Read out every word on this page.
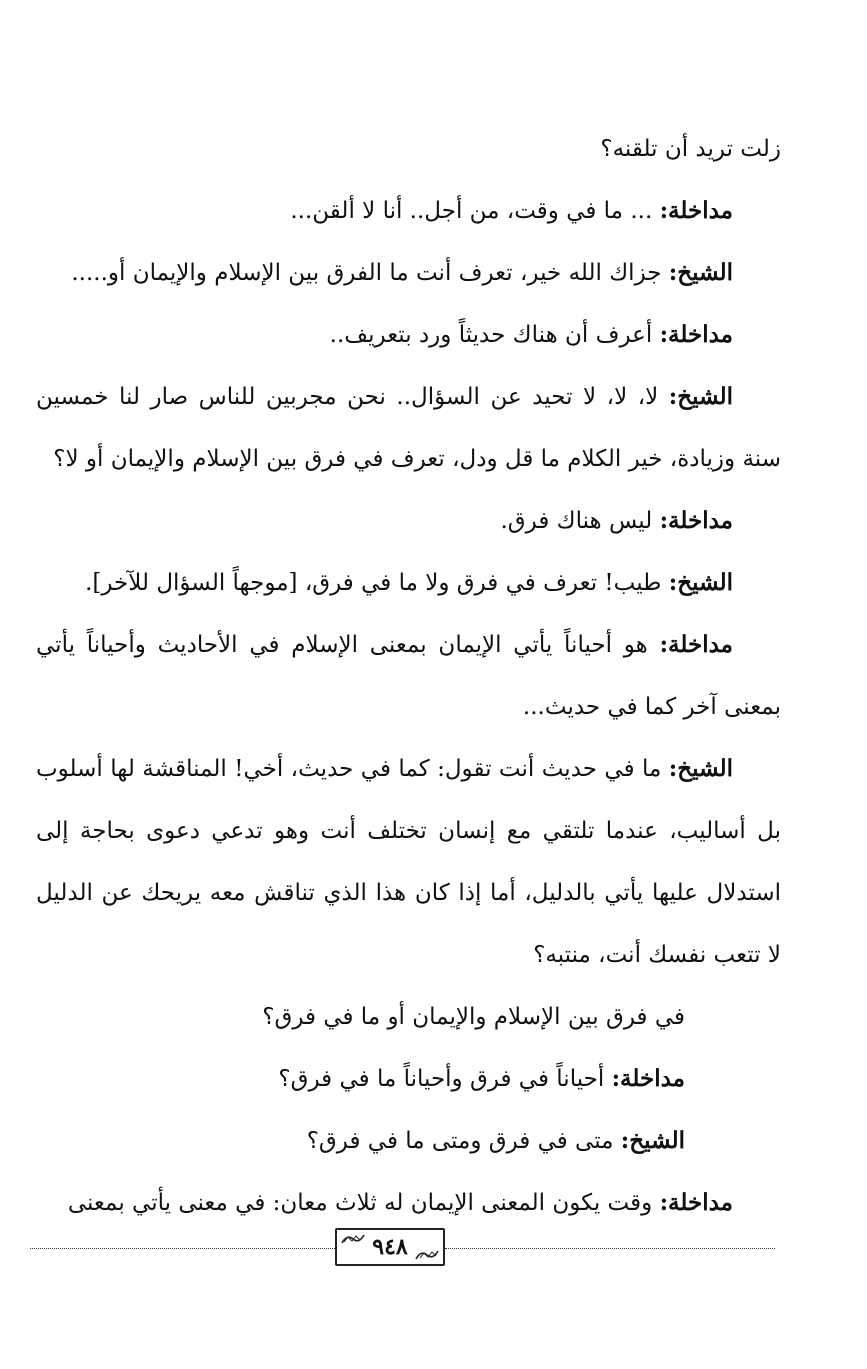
زلت تريد أن تلقنه؟

مداخلة: ... ما في وقت، من أجل.. أنا لا ألقن...

الشيخ: جزاك الله خير، تعرف أنت ما الفرق بين الإسلام والإيمان أو.....

مداخلة: أعرف أن هناك حديثاً ورد بتعريف..

الشيخ: لا، لا، لا تحيد عن السؤال.. نحن مجربين للناس صار لنا خمسين سنة وزيادة، خير الكلام ما قل ودل، تعرف في فرق بين الإسلام والإيمان أو لا؟

مداخلة: ليس هناك فرق.

الشيخ: طيب! تعرف في فرق ولا ما في فرق، [موجهاً السؤال للآخر].

مداخلة: هو أحياناً يأتي الإيمان بمعنى الإسلام في الأحاديث وأحياناً يأتي بمعنى آخر كما في حديث...

الشيخ: ما في حديث أنت تقول: كما في حديث، أخي! المناقشة لها أسلوب بل أساليب، عندما تلتقي مع إنسان تختلف أنت وهو تدعي دعوى بحاجة إلى استدلال عليها يأتي بالدليل، أما إذا كان هذا الذي تناقش معه يريحك عن الدليل لا تتعب نفسك أنت، منتبه؟

في فرق بين الإسلام والإيمان أو ما في فرق؟

مداخلة: أحياناً في فرق وأحياناً ما في فرق؟

الشيخ: متى في فرق ومتى ما في فرق؟

مداخلة: وقت يكون المعنى الإيمان له ثلاث معان: في معنى يأتي بمعنى

٩٤٨
